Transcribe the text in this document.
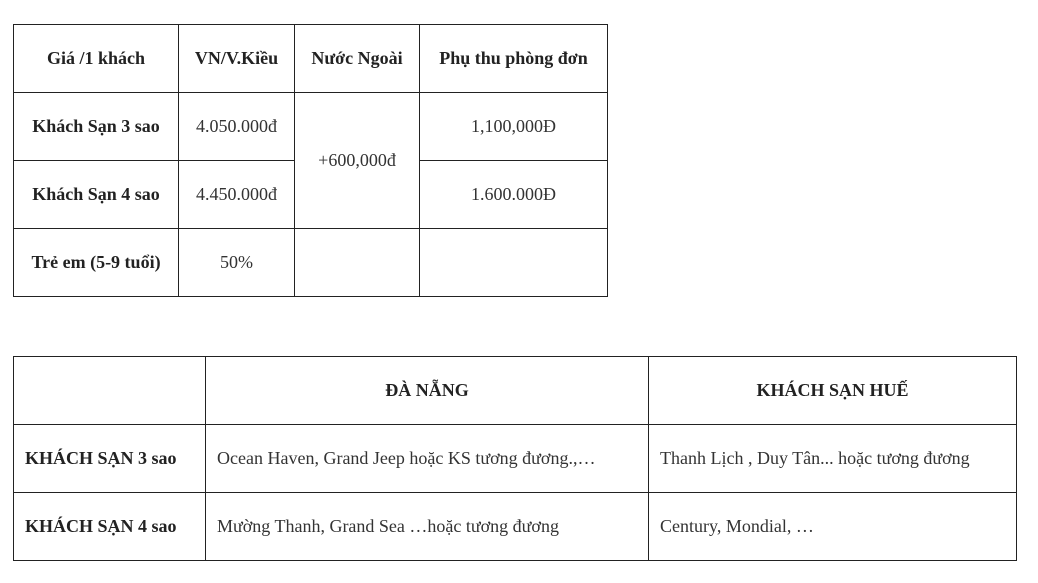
Giá /1 khách	VN/V.Kiều	Nước Ngoài	Phụ thu phòng đơn
Khách Sạn 3 sao	4.050.000đ	+600,000đ	1,100,000Đ
Khách Sạn 4 sao	4.450.000đ		1.600.000Đ
Trẻ em (5-9 tuổi)	50%		
	ĐÀ NẴNG	KHÁCH SẠN HUẾ
KHÁCH SẠN 3 sao	Ocean Haven, Grand Jeep hoặc KS tương đương.,…	Thanh Lịch , Duy Tân... hoặc tương đương
KHÁCH SẠN 4 sao	Mường Thanh, Grand Sea …hoặc tương đương	Century, Mondial, …
